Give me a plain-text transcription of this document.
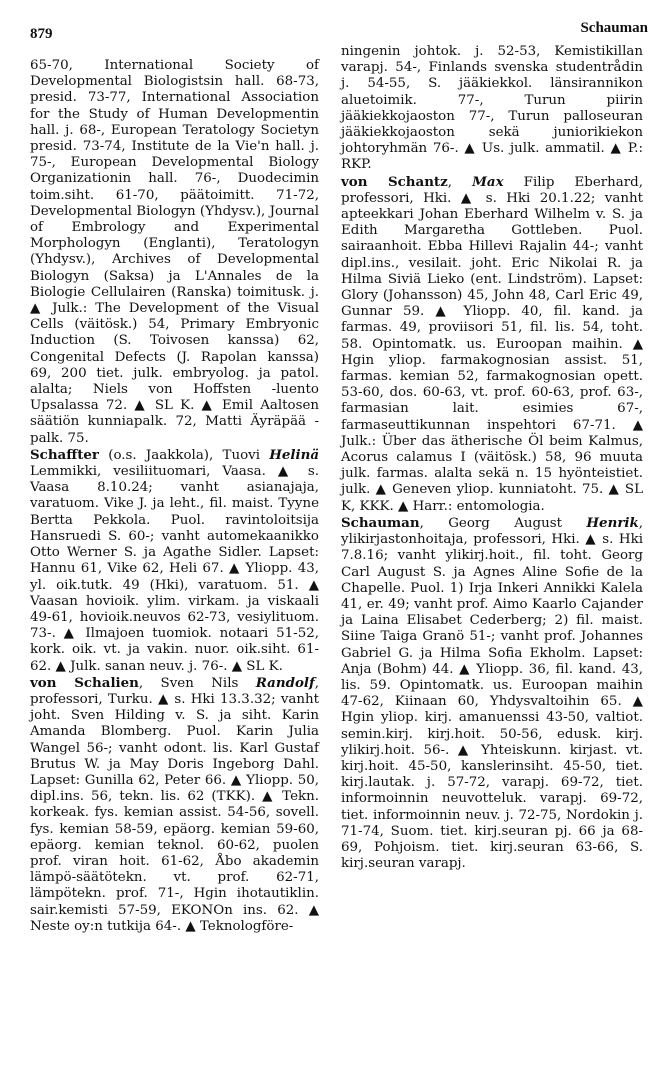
879	Schauman

65-70, International Society of Developmental Biologistsin hall. 68-73, presid. 73-77, International Association for the Study of Human Developmentin hall. j. 68-, European Teratology Societyn presid. 73-74, Institute de la Vie'n hall. j. 75-, European Developmental Biology Organizationin hall. 76-, Duodecimin toim.siht. 61-70, päätoimitt. 71-72, Developmental Biologyn (Yhdysv.), Journal of Embrology and Experimental Morphologyn (Englanti), Teratologyn (Yhdysv.), Archives of Developmental Biologyn (Saksa) ja L'Annales de la Biologie Cellulairen (Ranska) toimitusk. j. ▲ Julk.: The Development of the Visual Cells (väitösk.) 54, Primary Embryonic Induction (S. Toivosen kanssa) 62, Congenital Defects (J. Rapolan kanssa) 69, 200 tiet. julk. embryolog. ja patol. alalta; Niels von Hoffsten -luento Upsalassa 72. ▲ SL K. ▲ Emil Aaltosen säätiön kunniapalk. 72, Matti Äyräpää -palk. 75.

Schaffter (o.s. Jaakkola), Tuovi Helinä Lemmikki, vesiliituomari, Vaasa. ▲ s. Vaasa 8.10.24; vanht asianajaja, varatuom. Vike J. ja leht., fil. maist. Tyyne Bertta Pekkola. Puol. ravintoloitsija Hansruedi S. 60-; vanht automekaanikko Otto Werner S. ja Agathe Sidler. Lapset: Hannu 61, Vike 62, Heli 67. ▲ Yliopp. 43, yl. oik.tutk. 49 (Hki), varatuom. 51. ▲ Vaasan hovioik. ylim. virkam. ja viskaali 49-61, hovioik.neuvos 62-73, vesiylituom. 73-. ▲ Ilmajoen tuomiok. notaari 51-52, kork. oik. vt. ja vakin. nuor. oik.siht. 61-62. ▲ Julk. sanan neuv. j. 76-. ▲ SL K.

von Schalien, Sven Nils Randolf, professori, Turku. ▲ s. Hki 13.3.32; vanht joht. Sven Hilding v. S. ja siht. Karin Amanda Blomberg. Puol. Karin Julia Wangel 56-; vanht odont. lis. Karl Gustaf Brutus W. ja May Doris Ingeborg Dahl. Lapset: Gunilla 62, Peter 66. ▲ Yliopp. 50, dipl.ins. 56, tekn. lis. 62 (TKK). ▲ Tekn. korkeak. fys. kemian assist. 54-56, sovell. fys. kemian 58-59, epäorg. kemian 59-60, epäorg. kemian teknol. 60-62, puolen prof. viran hoit. 61-62, Åbo akademin lämpö-säätötekn. vt. prof. 62-71, lämpötekn. prof. 71-, Hgin ihotautiklin. sair.kemisti 57-59, EKONOn ins. 62. ▲ Neste oy:n tutkija 64-. ▲ Teknologföre-

ningenin johtok. j. 52-53, Kemistikillan varapj. 54-, Finlands svenska studentrådin j. 54-55, S. jääkiekkol. länsirannikon aluetoimik. 77-, Turun piirin jääkiekkojaoston 77-, Turun palloseuran jääkiekkojaoston sekä juniorikiekon johtoryhmän 76-. ▲ Us. julk. ammatil. ▲ P.: RKP.

von Schantz, Max Filip Eberhard, professori, Hki. ▲ s. Hki 20.1.22; vanht apteekkari Johan Eberhard Wilhelm v. S. ja Edith Margaretha Gottleben. Puol. sairaanhoit. Ebba Hillevi Rajalin 44-; vanht dipl.ins., vesilait. joht. Eric Nikolai R. ja Hilma Siviä Lieko (ent. Lindström). Lapset: Glory (Johansson) 45, John 48, Carl Eric 49, Gunnar 59. ▲ Yliopp. 40, fil. kand. ja farmas. 49, proviisori 51, fil. lis. 54, toht. 58. Opintomatk. us. Euroopan maihin. ▲ Hgin yliop. farmakognosian assist. 51, farmas. kemian 52, farmakognosian opett. 53-60, dos. 60-63, vt. prof. 60-63, prof. 63-, farmasian lait. esimies 67-, farmaseuttikunnan inspehtori 67-71. ▲ Julk.: Über das ätherische Öl beim Kalmus, Acorus calamus I (väitösk.) 58, 96 muuta julk. farmas. alalta sekä n. 15 hyönteistiet. julk. ▲ Geneven yliop. kunniatoht. 75. ▲ SL K, KKK. ▲ Harr.: entomologia.

Schauman, Georg August Henrik, ylikirjastonhoitaja, professori, Hki. ▲ s. Hki 7.8.16; vanht ylikirj.hoit., fil. toht. Georg Carl August S. ja Agnes Aline Sofie de la Chapelle. Puol. 1) Irja Inkeri Annikki Kalela 41, er. 49; vanht prof. Aimo Kaarlo Cajander ja Laina Elisabet Cederberg; 2) fil. maist. Siine Taiga Granö 51-; vanht prof. Johannes Gabriel G. ja Hilma Sofia Ekholm. Lapset: Anja (Bohm) 44. ▲ Yliopp. 36, fil. kand. 43, lis. 59. Opintomatk. us. Euroopan maihin 47-62, Kiinaan 60, Yhdysvaltoihin 65. ▲ Hgin yliop. kirj. amanuenssi 43-50, valtiot. semin.kirj. kirj.hoit. 50-56, edusk. kirj. ylikirj.hoit. 56-. ▲ Yhteiskunn. kirjast. vt. kirj.hoit. 45-50, kanslerinsiht. 45-50, tiet. kirj.lautak. j. 57-72, varapj. 69-72, tiet. informoinnin neuvotteluk. varapj. 69-72, tiet. informoinnin neuv. j. 72-75, Nordokin j. 71-74, Suom. tiet. kirj.seuran pj. 66 ja 68-69, Pohjoism. tiet. kirj.seuran 63-66, S. kirj.seuran varapj.
